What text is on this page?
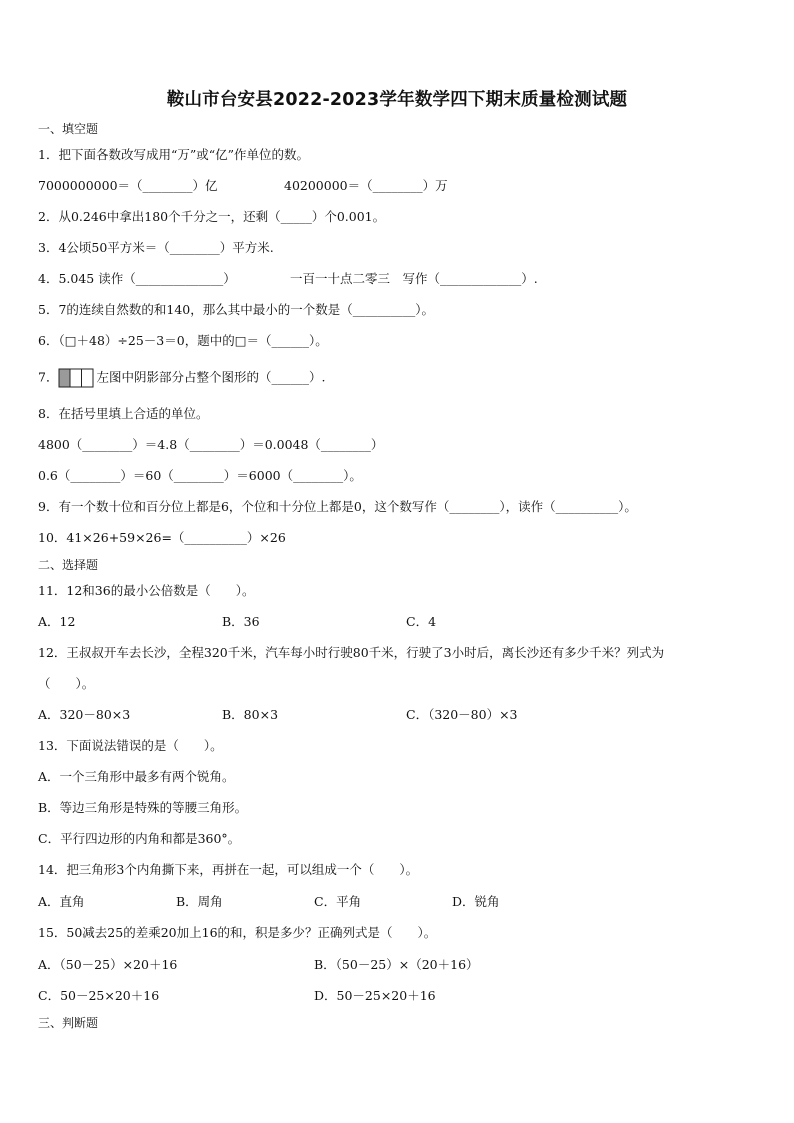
鞍山市台安县2022-2023学年数学四下期末质量检测试题
一、填空题
1．把下面各数改写成用“万”或“亿”作单位的数。
7000000000＝（________）亿	40200000＝（________）万
2．从0.246中拿出180个千分之一，还剩（_____）个0.001。
3．4公顷50平方米＝（________）平方米.
4．5.045 读作（______________）	一百一十点二零三　写作（_____________）.
5．7的连续自然数的和140，那么其中最小的一个数是（__________）。
6．（□＋48）÷25－3＝0，题中的□＝（______）。
7．	左图中阴影部分占整个图形的（______）.
8．在括号里填上合适的单位。
4800（________）＝4.8（________）＝0.0048（________）
0.6（________）＝60（________）＝6000（________）。
9．有一个数十位和百分位上都是6，个位和十分位上都是0，这个数写作（________），读作（__________）。
10．41×26+59×26=（__________）×26
二、选择题
11．12和36的最小公倍数是（　　）。
A．12	B．36	C．4
12．王叔叔开车去长沙，全程320千米，汽车每小时行驶80千米，行驶了3小时后，离长沙还有多少千米？列式为
（　　）。
A．320－80×3	B．80×3	C．（320－80）×3
13．下面说法错误的是（　　）。
A．一个三角形中最多有两个锐角。
B．等边三角形是特殊的等腰三角形。
C．平行四边形的内角和都是360°。
14．把三角形3个内角撕下来，再拼在一起，可以组成一个（　　）。
A．直角	B．周角	C．平角	D．锐角
15．50减去25的差乘20加上16的和，积是多少？正确列式是（　　）。
A．（50－25）×20＋16	B．（50－25）×（20＋16）
C．50－25×20＋16	D．50－25×20＋16
三、判断题
